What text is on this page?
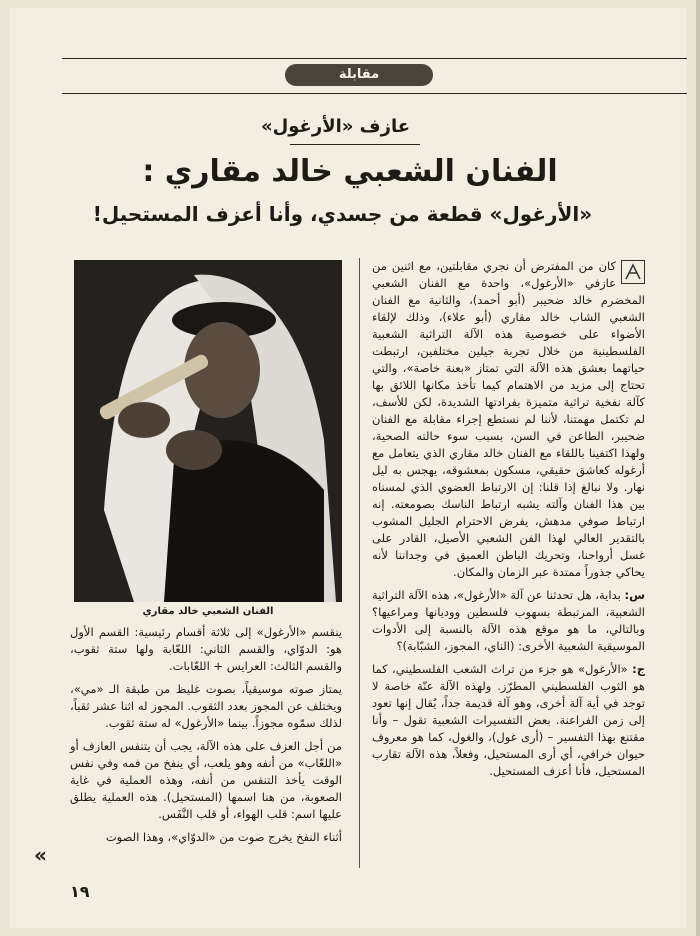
مقابلة
عازف «الأرغول»
الفنان الشعبي خالد مقاري :
«الأرغول» قطعة من جسدي، وأنا أعزف المستحيل!
الفنان الشعبي خالد مقاري

كان من المفترض أن نجري مقابلتين، مع اثنين من عازفي «الأرغول»، واحدة مع الفنان الشعبي المخضرم خالد ضحيبر (أبو أحمد)، والثانية مع الفنان الشعبي الشاب خالد مقاري (أبو علاء)، وذلك لإلقاء الأضواء على خصوصية هذه الآلة التراثية الشعبية الفلسطينية من خلال تجربة جيلين مختلفين، ارتبطت حياتهما بعشق هذه الآلة التي تمتاز «بعنة خاصة»، والتي تحتاج إلى مزيد من الاهتمام كيما تأخذ مكانها اللائق بها كآلة نفخية تراثية متميزة بفرادتها الشديدة، لكن للأسف، لم تكتمل مهمتنا، لأننا لم نستطع إجراء مقابلة مع الفنان ضحيبر، الطاعن في السن، بسبب سوء حالته الصحية، ولهذا اكتفينا باللقاء مع الفنان خالد مقاري الذي يتعامل مع أرغوله كعاشق حقيقي، مسكون بمعشوقه، يهجس به ليل نهار. ولا نبالغ إذا قلنا: إن الارتباط العضوي الذي لمسناه بين هذا الفنان وآلته يشبه ارتباط الناسك بصومعته. إنه ارتباط صوفي مدهش، يفرض الاحترام الجليل المشوب بالتقدير العالي لهذا الفن الشعبي الأصيل، القادر على غسل أرواحنا، وتحريك الباطن العميق في وجداننا لأنه يحاكي جذوراً ممتدة عبر الزمان والمكان.

س: بداية، هل تحدثنا عن آلة «الأرغول»، هذه الآلة التراثية الشعبية، المرتبطة بسهوب فلسطين ووديانها ومراعيها؟ وبالتالي، ما هو موقع هذه الآلة بالنسبة إلى الأدوات الموسيقية الشعبية الأخرى: (الناي، المجوز، الشبّابة)؟

ج: «الأرغول» هو جزء من تراث الشعب الفلسطيني، كما هو الثوب الفلسطيني المطرّز. ولهذه الآلة عنّة خاصة لا توجد في أية آلة أخرى، وهو آلة قديمة جداً، يُقال إنها تعود إلى زمن الفراعنة. بعض التفسيرات الشعبية تقول – وأنا مقتنع بهذا التفسير – (أرى غول)، والغول، كما هو معروف حيوان خرافي، أي أرى المستحيل، وفعلاً، هذه الآلة تقارب المستحيل، فأنا أعزف المستحيل.

ينقسم «الأرغول» إلى ثلاثة أقسام رئيسية: القسم الأول هو: الدوّاي، والقسم الثاني: اللعّابة ولها ستة ثقوب، والقسم الثالث: العرايس + اللعّابات.

يمتاز صوته موسيقياً، بصوت غليظ من طبقة الـ «مي»، ويختلف عن المجوز بعدد الثقوب. المجوز له اثنا عشر ثقباً، لذلك سمّوه مجوزاً. بينما «الأرغول» له ستة ثقوب.

من أجل العزف على هذه الآلة، يجب أن يتنفس العازف أو «اللعّاب» من أنفه وهو يلعب، أي ينفخ من فمه وفي نفس الوقت يأخذ التنفس من أنفه، وهذه العملية في غاية الصعوبة، من هنا اسمها (المستحيل). هذه العملية يطلق عليها اسم: قلب الهواء، أو قلب النَّفَس.

أثناء النفخ يخرج صوت من «الدوّاي»، وهذا الصوت

«
١٩
